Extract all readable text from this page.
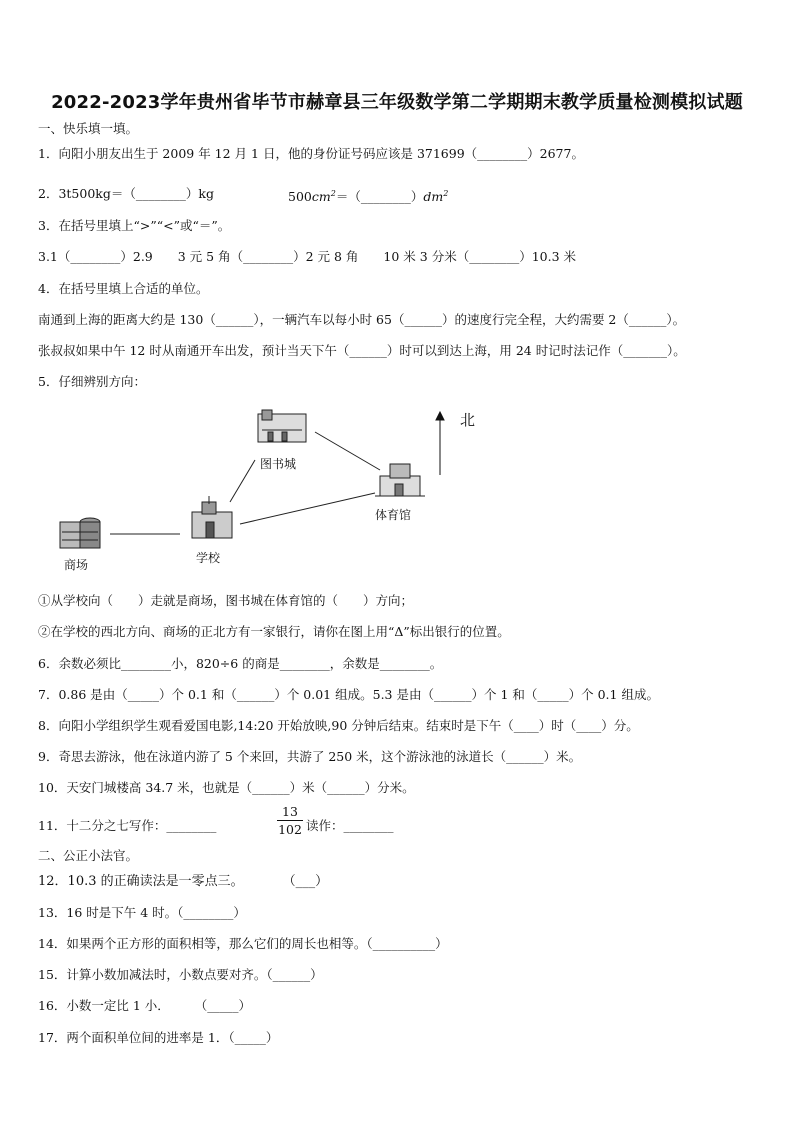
2022-2023学年贵州省毕节市赫章县三年级数学第二学期期末教学质量检测模拟试题
一、快乐填一填。
1．向阳小朋友出生于 2009 年 12 月 1 日，他的身份证号码应该是 371699（________）2677。
2．3t500kg＝（________）kg	$500cm^2=(\_\_\_\_\_\_\_\_)dm^2$
3．在括号里填上“>”“<”或“＝”。
3.1（________）2.9　　3 元 5 角（________）2 元 8 角　　10 米 3 分米（________）10.3 米
4．在括号里填上合适的单位。
南通到上海的距离大约是 130（______），一辆汽车以每小时 65（______）的速度行完全程，大约需要 2（______）。
张叔叔如果中午 12 时从南通开车出发，预计当天下午（______）时可以到达上海，用 24 时记时法记作（_______）。
5．仔细辨别方向：
北
图书城
体育馆
学校
商场
①从学校向（　　）走就是商场，图书城在体育馆的（　　）方向；
②在学校的西北方向、商场的正北方有一家银行，请你在图上用“Δ”标出银行的位置。
6．余数必须比________小，820÷6 的商是________，余数是________。
7．0.86 是由（_____）个 0.1 和（______）个 0.01 组成。5.3 是由（______）个 1 和（_____）个 0.1 组成。
8．向阳小学组织学生观看爱国电影,14:20 开始放映,90 分钟后结束。结束时是下午（____）时（____）分。
9．奇思去游泳，他在泳道内游了 5 个来回，共游了 250 米，这个游泳池的泳道长（______）米。
10．天安门城楼高 34.7 米，也就是（______）米（______）分米。
11．十二分之七写作：________
13
102 读作：________
二、公正小法官。
12．10.3 的正确读法是一零点三。　　　　（___）
13．16 时是下午 4 时。（________）
14．如果两个正方形的面积相等，那么它们的周长也相等。（__________）
15．计算小数加减法时，小数点要对齐。（______）
16．小数一定比 1 小．　　　（_____）
17．两个面积单位间的进率是 1．（_____）
